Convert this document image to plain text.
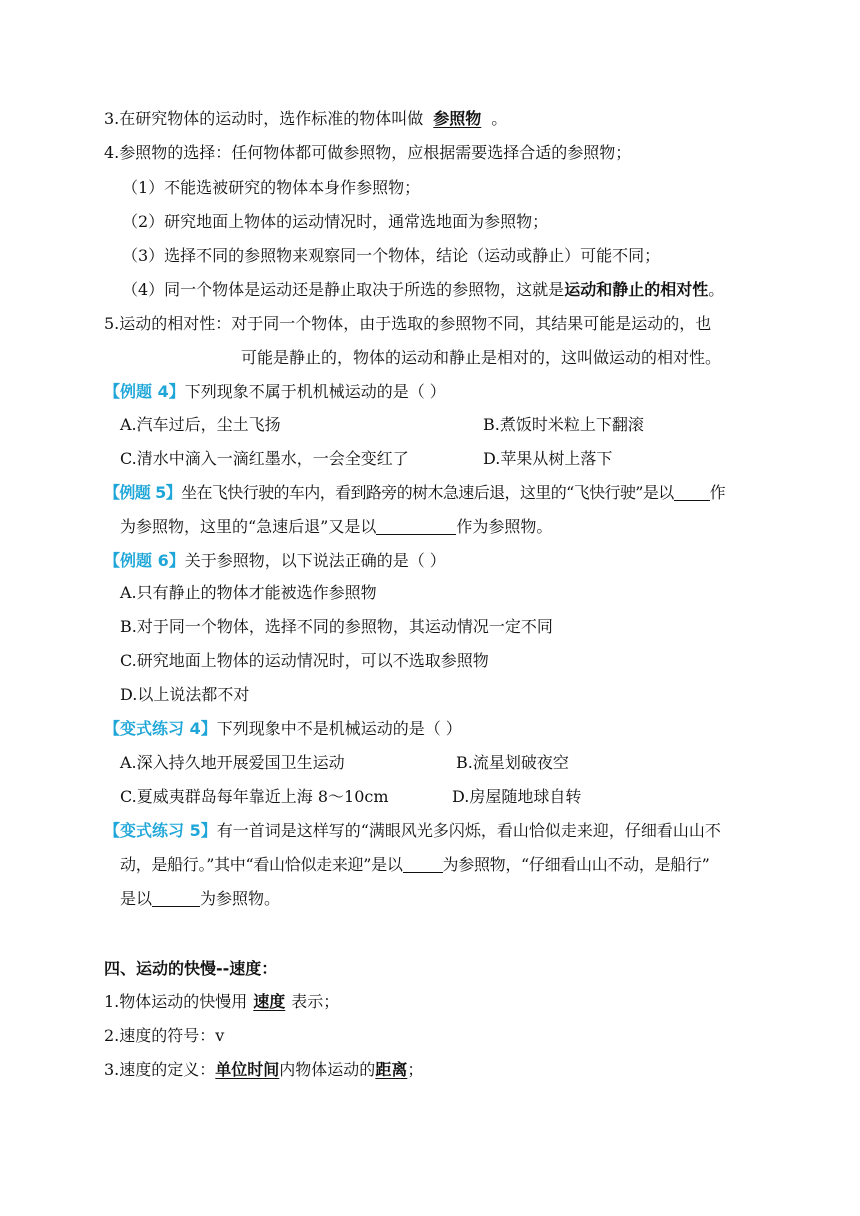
3.在研究物体的运动时，选作标准的物体叫做 参照物 。
4.参照物的选择：任何物体都可做参照物，应根据需要选择合适的参照物；
（1）不能选被研究的物体本身作参照物；
（2）研究地面上物体的运动情况时，通常选地面为参照物；
（3）选择不同的参照物来观察同一个物体，结论（运动或静止）可能不同；
（4）同一个物体是运动还是静止取决于所选的参照物，这就是运动和静止的相对性。
5.运动的相对性：对于同一个物体，由于选取的参照物不同，其结果可能是运动的，也
可能是静止的，物体的运动和静止是相对的，这叫做运动的相对性。
【例题 4】下列现象不属于机机械运动的是（ ）
A.汽车过后，尘土飞扬	B.煮饭时米粒上下翻滚
C.清水中滴入一滴红墨水，一会全变红了	D.苹果从树上落下
【例题 5】坐在飞快行驶的车内，看到路旁的树木急速后退，这里的“飞快行驶”是以 作
为参照物，这里的“急速后退”又是以	作为参照物。
【例题 6】关于参照物，以下说法正确的是（ ）
A.只有静止的物体才能被选作参照物
B.对于同一个物体，选择不同的参照物，其运动情况一定不同
C.研究地面上物体的运动情况时，可以不选取参照物
D.以上说法都不对
【变式练习 4】下列现象中不是机械运动的是（ ）
A.深入持久地开展爱国卫生运动	B.流星划破夜空
C.夏威夷群岛每年靠近上海 8～10cm	D.房屋随地球自转
【变式练习 5】有一首词是这样写的“满眼风光多闪烁，看山恰似走来迎，仔细看山山不
动，是船行。”其中“看山恰似走来迎”是以	为参照物，“仔细看山山不动，是船行”
是以	为参照物。
四、运动的快慢--速度：
1.物体运动的快慢用 速度 表示；
2.速度的符号：v
3.速度的定义：单位时间内物体运动的距离；
